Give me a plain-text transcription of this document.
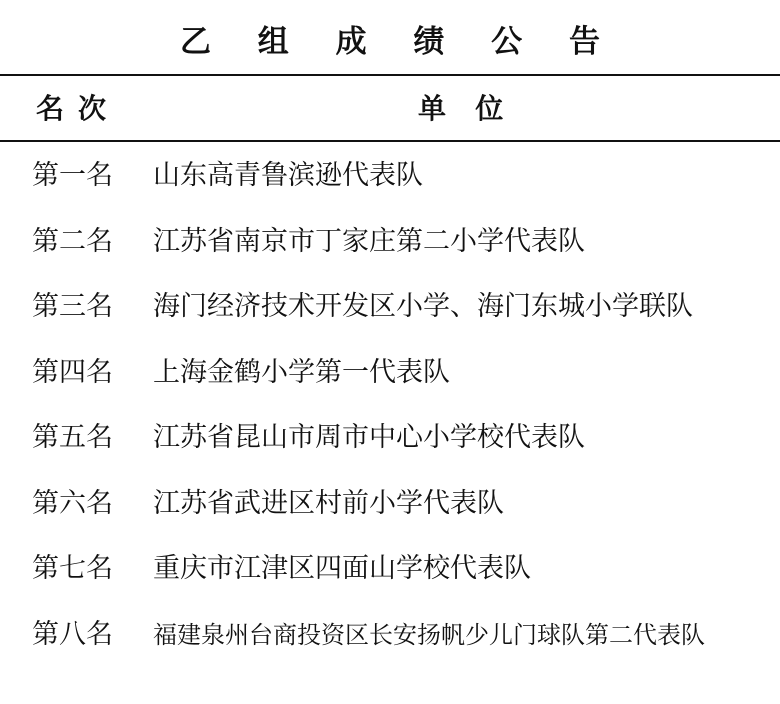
乙 组 成 绩 公 告
名次	单   位
第一名 山东高青鲁滨逊代表队
第二名 江苏省南京市丁家庄第二小学代表队
第三名 海门经济技术开发区小学、海门东城小学联队
第四名 上海金鹤小学第一代表队
第五名 江苏省昆山市周市中心小学校代表队
第六名 江苏省武进区村前小学代表队
第七名 重庆市江津区四面山学校代表队
第八名 福建泉州台商投资区长安扬帆少儿门球队第二代表队
